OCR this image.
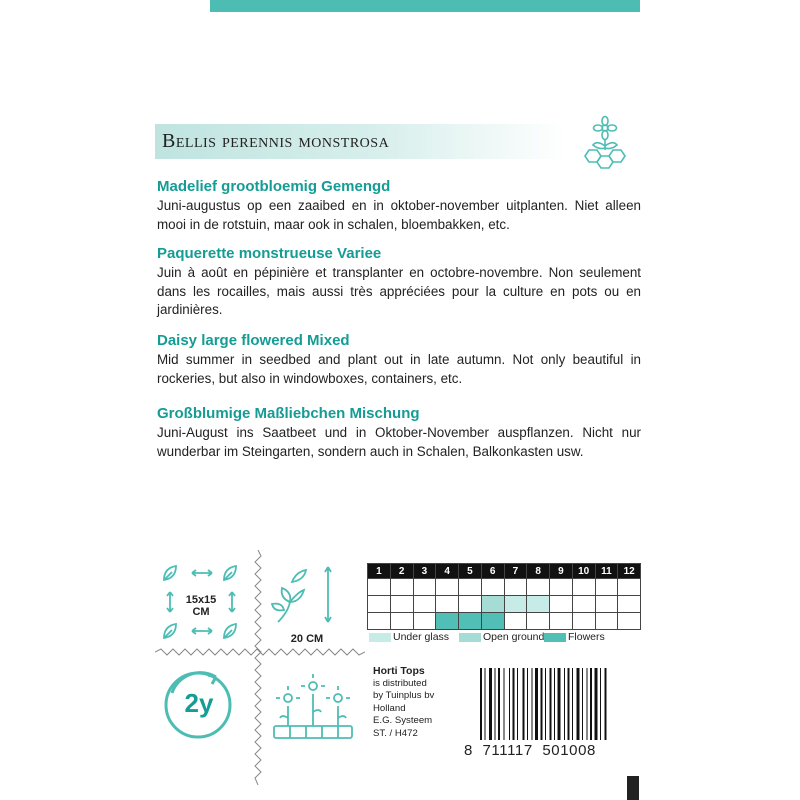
Bellis perennis monstrosa
Madelief grootbloemig Gemengd

Juni-augustus op een zaaibed en in oktober-november uitplanten. Niet alleen mooi in de rotstuin, maar ook in schalen, bloembakken, etc.

Paquerette monstrueuse Variee

Juin à août en pépinière et transplanter en octobre-novembre. Non seulement dans les rocailles, mais aussi très appréciées pour la culture en pots ou en jardinières.

Daisy large flowered Mixed

Mid summer in seedbed and plant out in late autumn. Not only beautiful in rockeries, but also in windowboxes, containers, etc.

Großblumige Maßliebchen Mischung

Juni-August ins Saatbeet und in Oktober-November auspflanzen. Nicht nur wunderbar im Steingarten, sondern auch in Schalen, Balkonkasten usw.

15x15
CM
20 CM
1	2	3	4	5	6	7	8	9	10	11	12

Under glass	Open ground	Flowers
2y
Horti Tops
is distributed
by Tuinplus bv
Holland
E.G. Systeem
ST. / H472
8  711117  501008
